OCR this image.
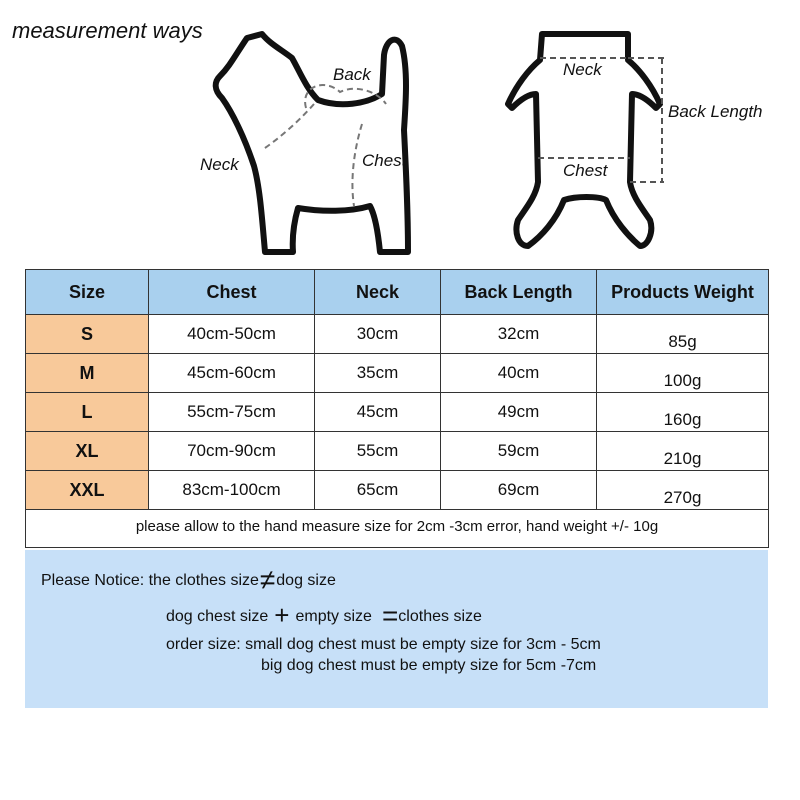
measurement ways
Back
Neck	Chest
Neck
Back Length
Chest
Size	Chest	Neck	Back Length	Products Weight
S	40cm-50cm	30cm	32cm	85g
M	45cm-60cm	35cm	40cm	100g
L	55cm-75cm	45cm	49cm	160g
XL	70cm-90cm	55cm	59cm	210g
XXL	83cm-100cm	65cm	69cm	270g
please allow to the hand measure size for 2cm -3cm error, hand weight +/- 10g				
Please Notice: the clothes size≠dog size
dog chest size + empty size =clothes size
order size: small dog chest must be empty size for 3cm - 5cm
big dog chest must be empty size for 5cm -7cm
